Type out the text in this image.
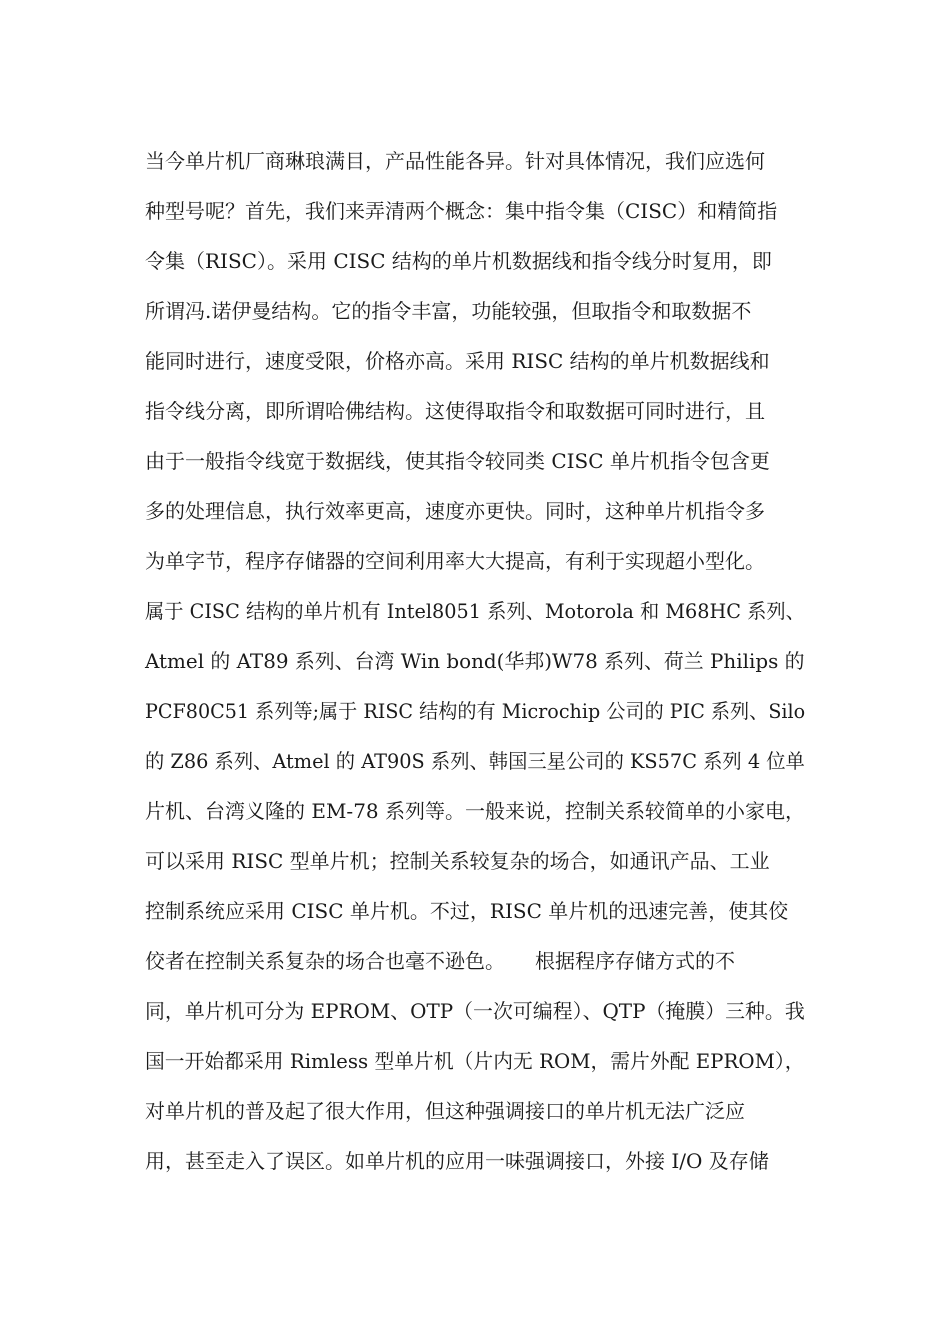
当今单片机厂商琳琅满目，产品性能各异。针对具体情况，我们应选何
种型号呢？首先，我们来弄清两个概念：集中指令集（CISC）和精简指
令集（RISC）。采用 CISC 结构的单片机数据线和指令线分时复用，即
所谓冯.诺伊曼结构。它的指令丰富，功能较强，但取指令和取数据不
能同时进行，速度受限，价格亦高。采用 RISC 结构的单片机数据线和
指令线分离，即所谓哈佛结构。这使得取指令和取数据可同时进行，且
由于一般指令线宽于数据线，使其指令较同类 CISC 单片机指令包含更
多的处理信息，执行效率更高，速度亦更快。同时，这种单片机指令多
为单字节，程序存储器的空间利用率大大提高，有利于实现超小型化。
属于 CISC 结构的单片机有 Intel8051 系列、Motorola 和 M68HC 系列、
Atmel 的 AT89 系列、台湾 Win bond(华邦)W78 系列、荷兰 Philips 的
PCF80C51 系列等;属于 RISC 结构的有 Microchip 公司的 PIC 系列、Silo
的 Z86 系列、Atmel 的 AT90S 系列、韩国三星公司的 KS57C 系列 4 位单
片机、台湾义隆的 EM-78 系列等。一般来说，控制关系较简单的小家电，
可以采用 RISC 型单片机；控制关系较复杂的场合，如通讯产品、工业
控制系统应采用 CISC 单片机。不过，RISC 单片机的迅速完善，使其佼
佼者在控制关系复杂的场合也毫不逊色。　　根据程序存储方式的不
同，单片机可分为 EPROM、OTP（一次可编程）、QTP（掩膜）三种。我
国一开始都采用 Rimless 型单片机（片内无 ROM，需片外配 EPROM），
对单片机的普及起了很大作用，但这种强调接口的单片机无法广泛应
用，甚至走入了误区。如单片机的应用一味强调接口，外接 I/O 及存储
